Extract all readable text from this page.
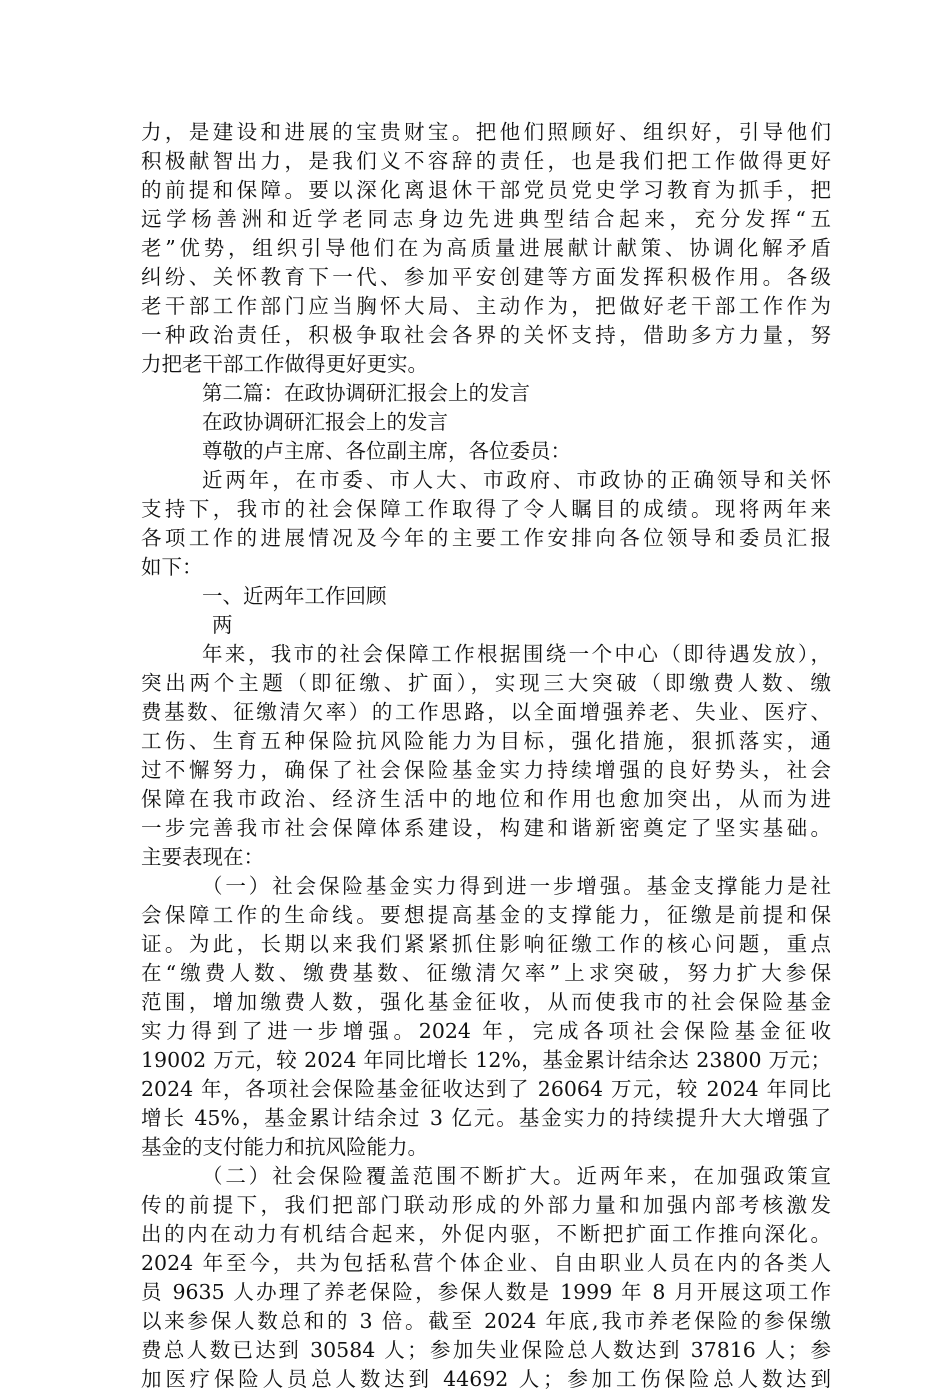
力，是建设和进展的宝贵财宝。把他们照顾好、组织好，引导他们
积极献智出力，是我们义不容辞的责任，也是我们把工作做得更好
的前提和保障。要以深化离退休干部党员党史学习教育为抓手，把
远学杨善洲和近学老同志身边先进典型结合起来，充分发挥“五
老”优势，组织引导他们在为高质量进展献计献策、协调化解矛盾
纠纷、关怀教育下一代、参加平安创建等方面发挥积极作用。各级
老干部工作部门应当胸怀大局、主动作为，把做好老干部工作作为
一种政治责任，积极争取社会各界的关怀支持，借助多方力量，努
力把老干部工作做得更好更实。
第二篇：在政协调研汇报会上的发言
在政协调研汇报会上的发言
尊敬的卢主席、各位副主席，各位委员：
近两年，在市委、市人大、市政府、市政协的正确领导和关怀
支持下，我市的社会保障工作取得了令人瞩目的成绩。现将两年来
各项工作的进展情况及今年的主要工作安排向各位领导和委员汇报
如下：
一、近两年工作回顾
两
年来，我市的社会保障工作根据围绕一个中心（即待遇发放），
突出两个主题（即征缴、扩面），实现三大突破（即缴费人数、缴
费基数、征缴清欠率）的工作思路，以全面增强养老、失业、医疗、
工伤、生育五种保险抗风险能力为目标，强化措施，狠抓落实，通
过不懈努力，确保了社会保险基金实力持续增强的良好势头，社会
保障在我市政治、经济生活中的地位和作用也愈加突出，从而为进
一步完善我市社会保障体系建设，构建和谐新密奠定了坚实基础。
主要表现在：
（一）社会保险基金实力得到进一步增强。基金支撑能力是社
会保障工作的生命线。要想提高基金的支撑能力，征缴是前提和保
证。为此，长期以来我们紧紧抓住影响征缴工作的核心问题，重点
在“缴费人数、缴费基数、征缴清欠率”上求突破，努力扩大参保
范围，增加缴费人数，强化基金征收，从而使我市的社会保险基金
实力得到了进一步增强。2024 年，完成各项社会保险基金征收
19002 万元，较 2024 年同比增长 12%，基金累计结余达 23800 万元；
2024 年，各项社会保险基金征收达到了 26064 万元，较 2024 年同比
增长 45%，基金累计结余过 3 亿元。基金实力的持续提升大大增强了
基金的支付能力和抗风险能力。
（二）社会保险覆盖范围不断扩大。近两年来，在加强政策宣
传的前提下，我们把部门联动形成的外部力量和加强内部考核激发
出的内在动力有机结合起来，外促内驱，不断把扩面工作推向深化。
2024 年至今，共为包括私营个体企业、自由职业人员在内的各类人
员 9635 人办理了养老保险，参保人数是 1999 年 8 月开展这项工作
以来参保人数总和的 3 倍。截至 2024 年底,我市养老保险的参保缴
费总人数已达到 30584 人；参加失业保险总人数达到 37816 人；参
加医疗保险人员总人数达到 44692 人；参加工伤保险总人数达到
